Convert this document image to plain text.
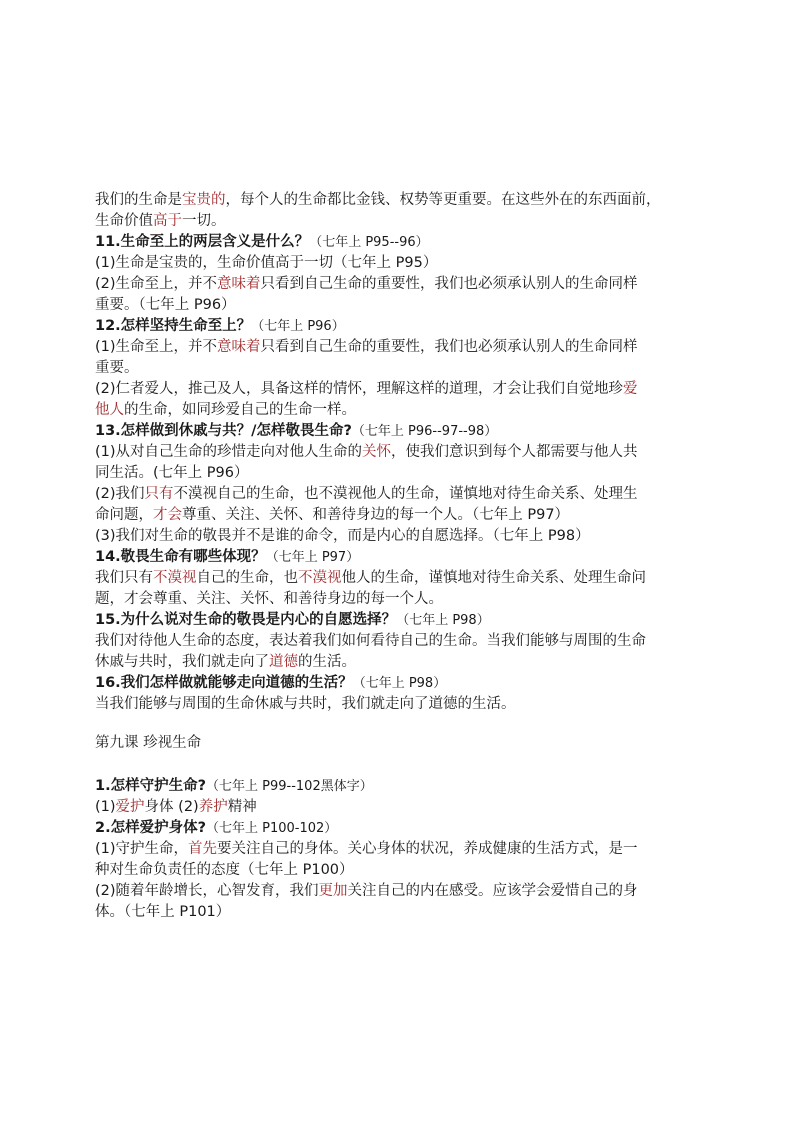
我们的生命是宝贵的，每个人的生命都比金钱、权势等更重要。在这些外在的东西面前，
生命价值高于一切。
11.生命至上的两层含义是什么？（七年上 P95--96）
(1)生命是宝贵的，生命价值高于一切（七年上 P95）
(2)生命至上，并不意味着只看到自己生命的重要性，我们也必须承认别人的生命同样
重要。（七年上 P96）
12.怎样坚持生命至上？（七年上 P96）
(1)生命至上，并不意味着只看到自己生命的重要性，我们也必须承认别人的生命同样
重要。
(2)仁者爱人，推己及人，具备这样的情怀，理解这样的道理，才会让我们自觉地珍爱
他人的生命，如同珍爱自己的生命一样。
13.怎样做到休戚与共？/怎样敬畏生命?（七年上 P96--97--98）
(1)从对自己生命的珍惜走向对他人生命的关怀，使我们意识到每个人都需要与他人共
同生活。(七年上 P96）
(2)我们只有不漠视自己的生命，也不漠视他人的生命，谨慎地对待生命关系、处理生
命问题，才会尊重、关注、关怀、和善待身边的每一个人。（七年上 P97）
(3)我们对生命的敬畏并不是谁的命令，而是内心的自愿选择。（七年上 P98）
14.敬畏生命有哪些体现？（七年上 P97）
我们只有不漠视自己的生命，也不漠视他人的生命，谨慎地对待生命关系、处理生命问
题，才会尊重、关注、关怀、和善待身边的每一个人。
15.为什么说对生命的敬畏是内心的自愿选择？（七年上 P98）
我们对待他人生命的态度，表达着我们如何看待自己的生命。当我们能够与周围的生命
休戚与共时，我们就走向了道德的生活。
16.我们怎样做就能够走向道德的生活？（七年上 P98）
当我们能够与周围的生命休戚与共时，我们就走向了道德的生活。
第九课 珍视生命
1.怎样守护生命?（七年上 P99--102黑体字）
(1)爱护身体 (2)养护精神
2.怎样爱护身体?（七年上 P100-102）
(1)守护生命，首先要关注自己的身体。关心身体的状况，养成健康的生活方式，是一
种对生命负责任的态度（七年上 P100）
(2)随着年龄增长，心智发育，我们更加关注自己的内在感受。应该学会爱惜自己的身
体。（七年上 P101）
